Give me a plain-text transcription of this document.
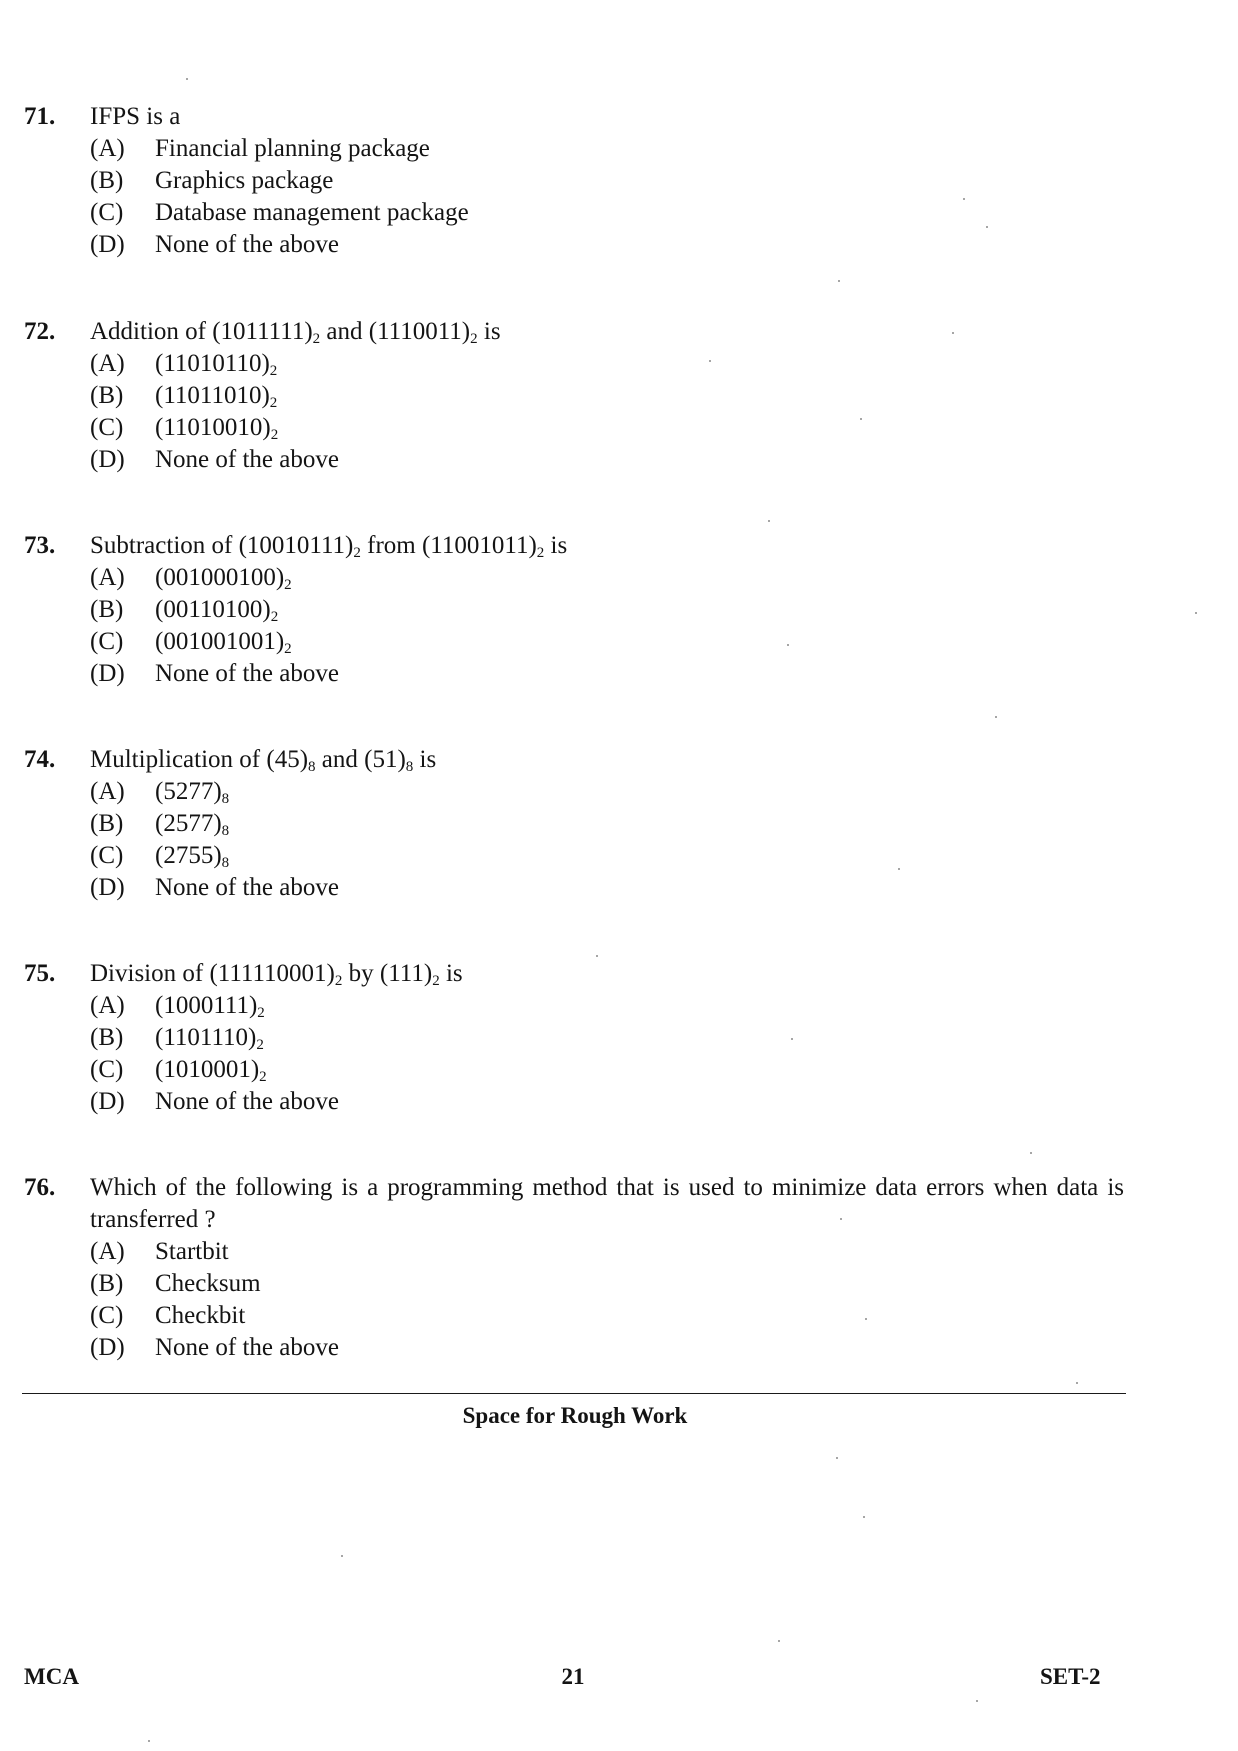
71.	IFPS is a
(A)	Financial planning package
(B)	Graphics package
(C)	Database management package
(D)	None of the above
72.	Addition of $(1011111)_2$ and $(1110011)_2$ is
(A)	$(11010110)_2$
(B)	$(11011010)_2$
(C)	$(11010010)_2$
(D)	None of the above
73.	Subtraction of $(10010111)_2$ from $(11001011)_2$ is
(A)	$(001000100)_2$
(B)	$(00110100)_2$
(C)	$(001001001)_2$
(D)	None of the above
74.	Multiplication of $(45)_8$ and $(51)_8$ is
(A)	$(5277)_8$
(B)	$(2577)_8$
(C)	$(2755)_8$
(D)	None of the above
75.	Division of $(111110001)_2$ by $(111)_2$ is
(A)	$(1000111)_2$
(B)	$(1101110)_2$
(C)	$(1010001)_2$
(D)	None of the above
76.	Which of the following is a programming method that is used to minimize data errors when data is transferred ?
(A)	Startbit
(B)	Checksum
(C)	Checkbit
(D)	None of the above
Space for Rough Work
MCA	21	SET-2
